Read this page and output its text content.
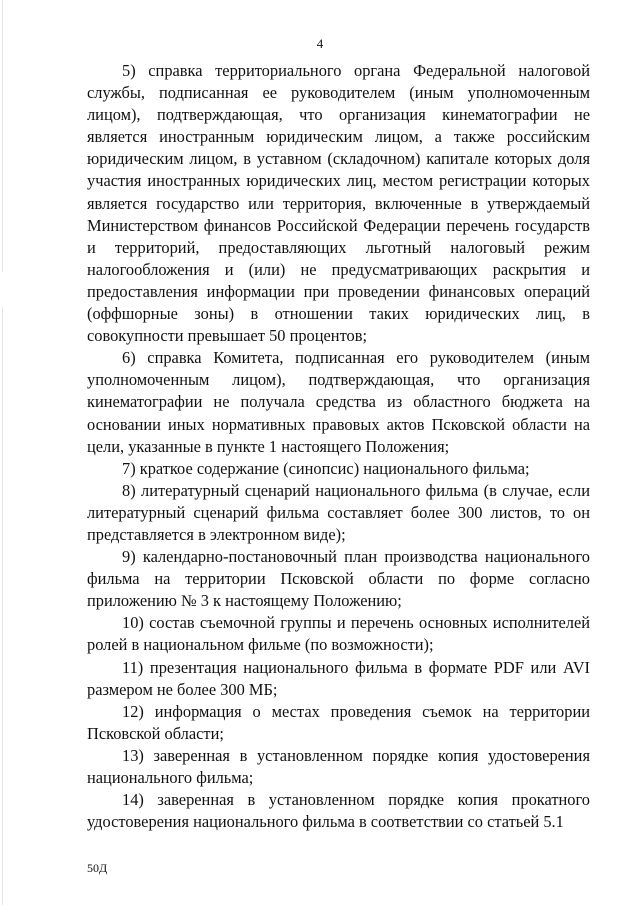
4

5) справка территориального органа Федеральной налоговой службы, подписанная ее руководителем (иным уполномоченным лицом), подтверждающая, что организация кинематографии не является иностранным юридическим лицом, а также российским юридическим лицом, в уставном (складочном) капитале которых доля участия иностранных юридических лиц, местом регистрации которых является государство или территория, включенные в утверждаемый Министерством финансов Российской Федерации перечень государств и территорий, предоставляющих льготный налоговый режим налогообложения и (или) не предусматривающих раскрытия и предоставления информации при проведении финансовых операций (оффшорные зоны) в отношении таких юридических лиц, в совокупности превышает 50 процентов;

6) справка Комитета, подписанная его руководителем (иным уполномоченным лицом), подтверждающая, что организация кинематографии не получала средства из областного бюджета на основании иных нормативных правовых актов Псковской области на цели, указанные в пункте 1 настоящего Положения;

7) краткое содержание (синопсис) национального фильма;

8) литературный сценарий национального фильма (в случае, если литературный сценарий фильма составляет более 300 листов, то он представляется в электронном виде);

9) календарно-постановочный план производства национального фильма на территории Псковской области по форме согласно приложению № 3 к настоящему Положению;

10) состав съемочной группы и перечень основных исполнителей ролей в национальном фильме (по возможности);

11) презентация национального фильма в формате PDF или AVI размером не более 300 МБ;

12) информация о местах проведения съемок на территории Псковской области;

13) заверенная в установленном порядке копия удостоверения национального фильма;

14) заверенная в установленном порядке копия прокатного удостоверения национального фильма в соответствии со статьей 5.1

50Д
